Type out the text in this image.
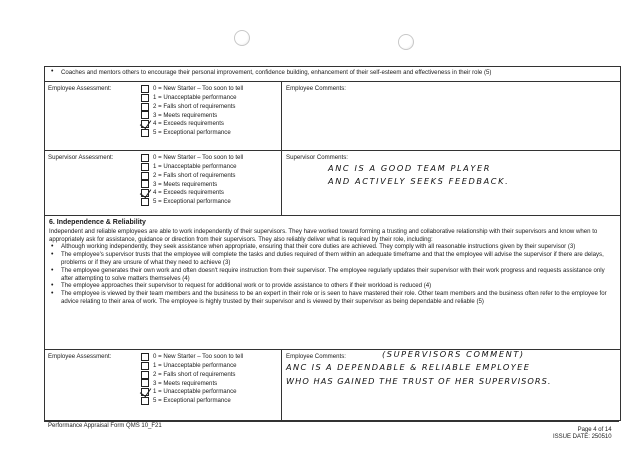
• Coaches and mentors others to encourage their personal improvement, confidence building, enhancement of their self-esteem and effectiveness in their role (5)
Employee Assessment:	0 = New Starter – Too soon to tell
1 = Unacceptable performance
2 = Falls short of requirements
3 = Meets requirements
4 = Exceeds requirements
5 = Exceptional performance
Employee Comments:
Supervisor Assessment:	0 = New Starter – Too soon to tell
1 = Unacceptable performance
2 = Falls short of requirements
3 = Meets requirements
4 = Exceeds requirements
5 = Exceptional performance
Supervisor Comments:
ANC IS A GOOD TEAM PLAYER
AND ACTIVELY SEEKS FEEDBACK.
6. Independence & Reliability
Independent and reliable employees are able to work independently of their supervisors. They have worked toward forming a trusting and collaborative relationship with their supervisors and know when to appropriately ask for assistance, guidance or direction from their supervisors. They also reliably deliver what is required by their role, including:
• Although working independently, they seek assistance when appropriate, ensuring that their core duties are achieved. They comply with all reasonable instructions given by their supervisor (3)
• The employee's supervisor trusts that the employee will complete the tasks and duties required of them within an adequate timeframe and that the employee will advise the supervisor if there are delays, problems or if they are unsure of what they need to achieve (3)
• The employee generates their own work and often doesn't require instruction from their supervisor. The employee regularly updates their supervisor with their work progress and requests assistance only after attempting to solve matters themselves (4)
• The employee approaches their supervisor to request for additional work or to provide assistance to others if their workload is reduced (4)
• The employee is viewed by their team members and the business to be an expert in their role or is seen to have mastered their role. Other team members and the business often refer to the employee for advice relating to their area of work. The employee is highly trusted by their supervisor and is viewed by their supervisor as being dependable and reliable (5)
Employee Assessment:	0 = New Starter – Too soon to tell
1 = Unacceptable performance
2 = Falls short of requirements
3 = Meets requirements
1 = Unacceptable performance
5 = Exceptional performance
Employee Comments:	(SUPERVISORS COMMENT)
ANC IS A DEPENDABLE & RELIABLE EMPLOYEE
WHO HAS GAINED THE TRUST OF HER SUPERVISORS.
Performance Appraisal Form QMS 10_F21
Page 4 of 14
ISSUE DATE: 250510
